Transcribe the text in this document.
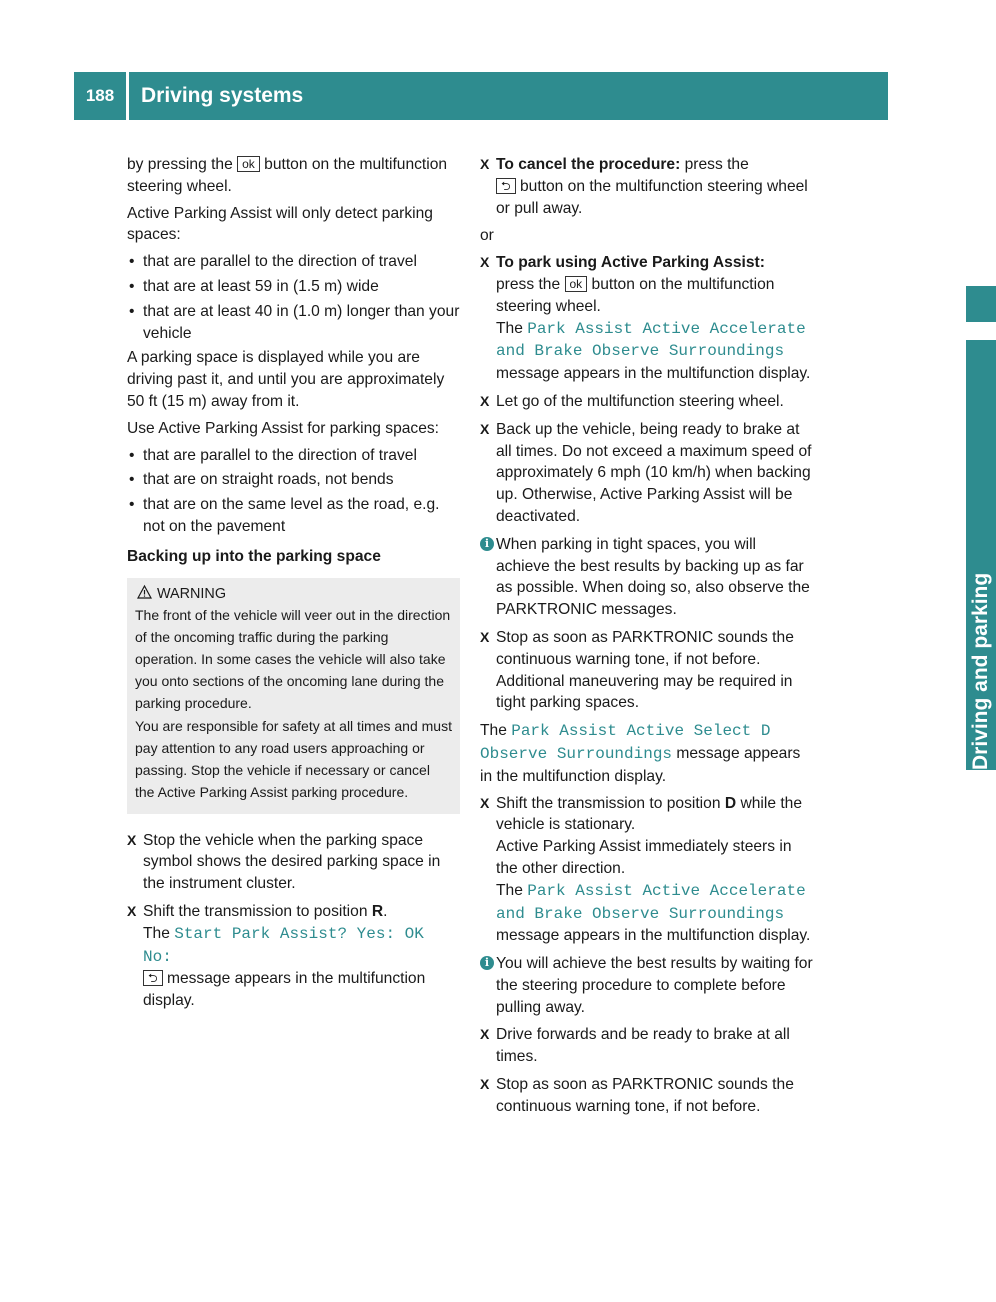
188	Driving systems
Driving and parking

by pressing the ok button on the multifunction steering wheel.

Active Parking Assist will only detect parking spaces:

• that are parallel to the direction of travel
• that are at least 59 in (1.5 m) wide
• that are at least 40 in (1.0 m) longer than your vehicle

A parking space is displayed while you are driving past it, and until you are approximately 50 ft (15 m) away from it.

Use Active Parking Assist for parking spaces:

• that are parallel to the direction of travel
• that are on straight roads, not bends
• that are on the same level as the road, e.g. not on the pavement
Backing up into the parking space
WARNING

The front of the vehicle will veer out in the direction of the oncoming traffic during the parking operation. In some cases the vehicle will also take you onto sections of the oncoming lane during the parking procedure.

You are responsible for safety at all times and must pay attention to any road users approaching or passing. Stop the vehicle if necessary or cancel the Active Parking Assist parking procedure.

X Stop the vehicle when the parking space symbol shows the desired parking space in the instrument cluster.
X Shift the transmission to position R.
The Start Park Assist? Yes: OK No:
⮌ message appears in the multifunction display.
X To cancel the procedure: press the
⮌ button on the multifunction steering wheel or pull away.

or

X To park using Active Parking Assist:
press the ok button on the multifunction steering wheel.
The Park Assist Active Accelerate and Brake Observe Surroundings
message appears in the multifunction display.
X Let go of the multifunction steering wheel.
X Back up the vehicle, being ready to brake at all times. Do not exceed a maximum speed of approximately 6 mph (10 km/h) when backing up. Otherwise, Active Parking Assist will be deactivated.
i When parking in tight spaces, you will achieve the best results by backing up as far as possible. When doing so, also observe the PARKTRONIC messages.
X Stop as soon as PARKTRONIC sounds the continuous warning tone, if not before. Additional maneuvering may be required in tight parking spaces.

The Park Assist Active Select D Observe Surroundings message appears in the multifunction display.

X Shift the transmission to position D while the vehicle is stationary.
Active Parking Assist immediately steers in the other direction.
The Park Assist Active Accelerate and Brake Observe Surroundings
message appears in the multifunction display.
i You will achieve the best results by waiting for the steering procedure to complete before pulling away.
X Drive forwards and be ready to brake at all times.
X Stop as soon as PARKTRONIC sounds the continuous warning tone, if not before.
